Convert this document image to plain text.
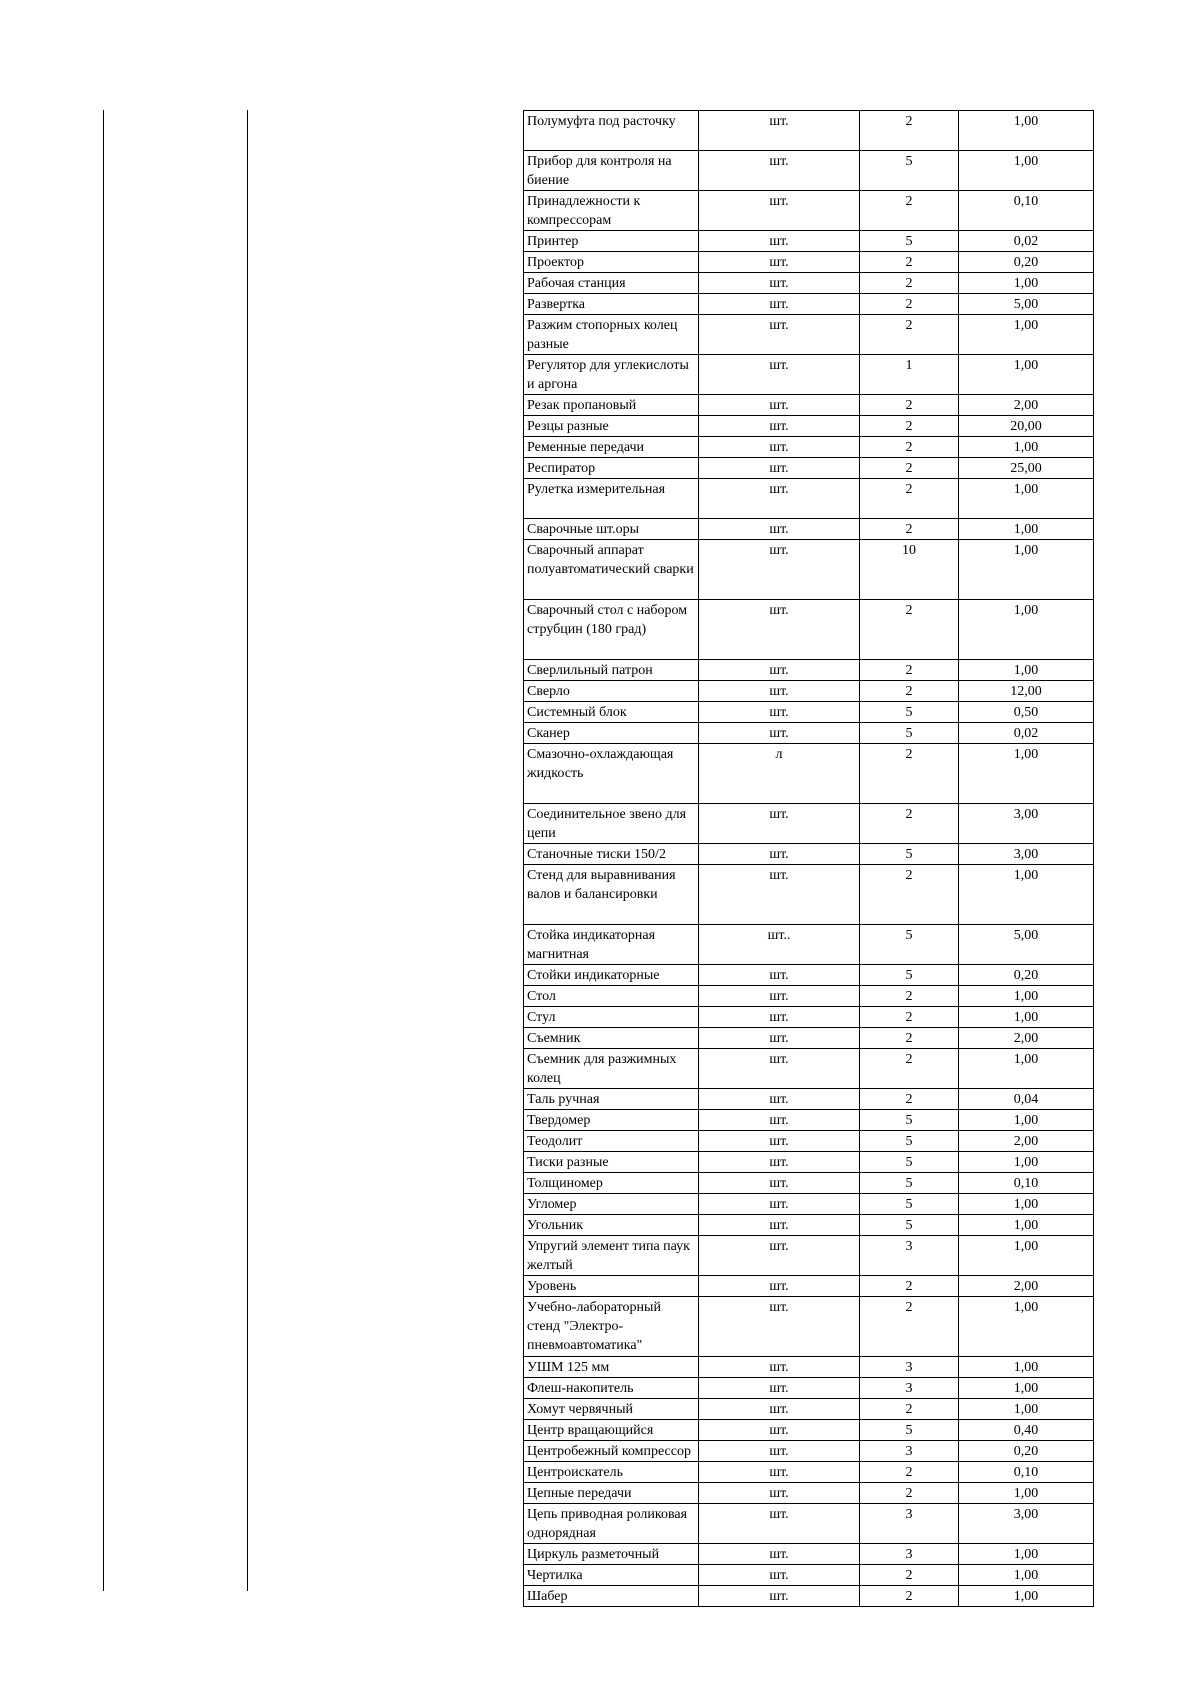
Полумуфта под расточку	шт.	2	1,00
Прибор для контроля на биение	шт.	5	1,00
Принадлежности к компрессорам	шт.	2	0,10
Принтер	шт.	5	0,02
Проектор	шт.	2	0,20
Рабочая станция	шт.	2	1,00
Развертка	шт.	2	5,00
Разжим стопорных колец разные	шт.	2	1,00
Регулятор для углекислоты и аргона	шт.	1	1,00
Резак пропановый	шт.	2	2,00
Резцы разные	шт.	2	20,00
Ременные передачи	шт.	2	1,00
Респиратор	шт.	2	25,00
Рулетка измерительная	шт.	2	1,00
Сварочные шт.оры	шт.	2	1,00
Сварочный аппарат полуавтоматический сварки	шт.	10	1,00
Сварочный стол с набором струбцин (180 град)	шт.	2	1,00
Сверлильный патрон	шт.	2	1,00
Сверло	шт.	2	12,00
Системный блок	шт.	5	0,50
Сканер	шт.	5	0,02
Смазочно-охлаждающая жидкость	л	2	1,00
Соединительное звено для цепи	шт.	2	3,00
Станочные тиски 150/2	шт.	5	3,00
Стенд для выравнивания валов и балансировки	шт.	2	1,00
Стойка индикаторная магнитная	шт..	5	5,00
Стойки индикаторные	шт.	5	0,20
Стол	шт.	2	1,00
Стул	шт.	2	1,00
Съемник	шт.	2	2,00
Съемник для разжимных колец	шт.	2	1,00
Таль ручная	шт.	2	0,04
Твердомер	шт.	5	1,00
Теодолит	шт.	5	2,00
Тиски разные	шт.	5	1,00
Толщиномер	шт.	5	0,10
Угломер	шт.	5	1,00
Угольник	шт.	5	1,00
Упругий элемент типа паук желтый	шт.	3	1,00
Уровень	шт.	2	2,00
Учебно-лабораторный стенд "Электро-пневмоавтоматика"	шт.	2	1,00
УШМ 125 мм	шт.	3	1,00
Флеш-накопитель	шт.	3	1,00
Хомут червячный	шт.	2	1,00
Центр вращающийся	шт.	5	0,40
Центробежный компрессор	шт.	3	0,20
Центроискатель	шт.	2	0,10
Цепные передачи	шт.	2	1,00
Цепь приводная роликовая однорядная	шт.	3	3,00
Циркуль разметочный	шт.	3	1,00
Чертилка	шт.	2	1,00
Шабер	шт.	2	1,00
